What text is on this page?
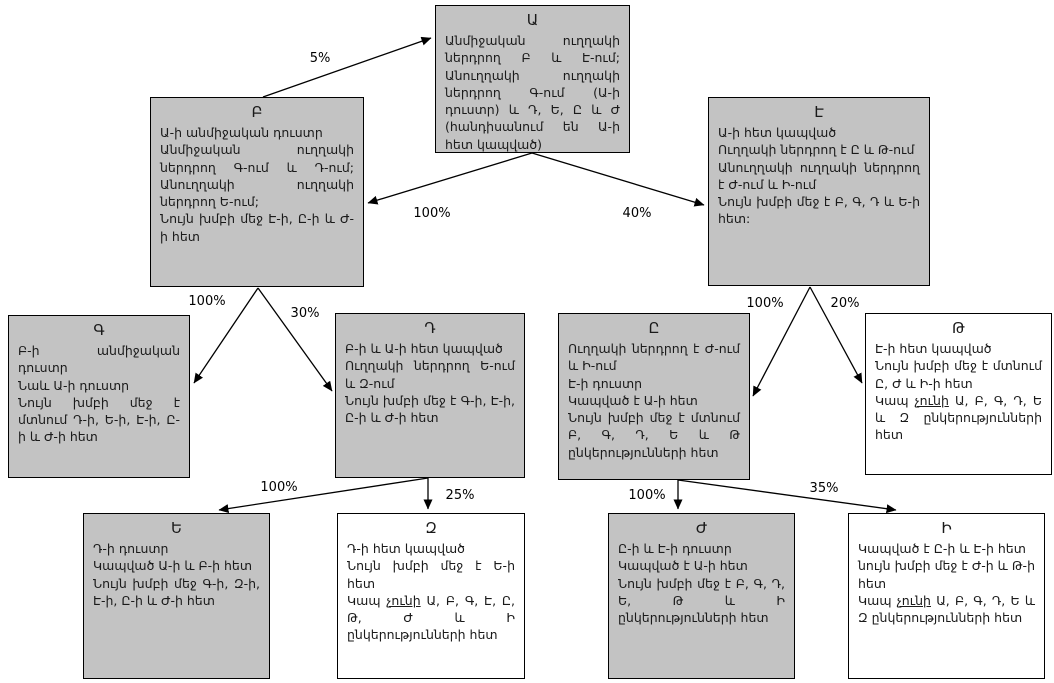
5%
100%	40%
100%
30%
100%	20%
100%
25%	100%	35%
Ա
Անմիջական ուղղակի ներդրող Բ և Է-ում; Անուղղակի ուղղակի ներդրող Գ-ում (Ա-ի դուստր) և Դ, Ե, Ը և Ժ (հանդիսանում են Ա-ի հետ կապված)
Բ
Ա-ի անմիջական դուստր
Անմիջական ուղղակի ներդրող Գ-ում և Դ-ում; Անուղղակի ուղղակի ներդրող Ե-ում;
Նույն խմբի մեջ Է-ի, Ը-ի և Ժ-ի հետ
Է
Ա-ի հետ կապված
Ուղղակի ներդրող է Ը և Թ-ում
Անուղղակի ուղղակի ներդրող է Ժ-ում և Ի-ում
Նույն խմբի մեջ է Բ, Գ, Դ և Ե-ի հետ:
Գ
Բ-ի անմիջական դուստր
Նաև Ա-ի դուստր
Նույն խմբի մեջ է մտնում Դ-ի, Ե-ի, Է-ի, Ը-ի և Ժ-ի հետ
Դ
Բ-ի և Ա-ի հետ կապված
Ուղղակի ներդրող Ե-ում և Զ-ում
Նույն խմբի մեջ է Գ-ի, Է-ի, Ը-ի և Ժ-ի հետ
Ը
Ուղղակի ներդրող է Ժ-ում և Ի-ում
Է-ի դուստր
Կապված է Ա-ի հետ
Նույն խմբի մեջ է մտնում Բ, Գ, Դ, Ե և Թ ընկերությունների հետ
Թ
Է-ի հետ կապված
Նույն խմբի մեջ է մտնում Ը, Ժ և Ի-ի հետ
Կապ չունի Ա, Բ, Գ, Դ, Ե և Զ ընկերությունների հետ
Ե
Դ-ի դուստր
Կապված Ա-ի և Բ-ի հետ
Նույն խմբի մեջ Գ-ի, Զ-ի, Է-ի, Ը-ի և Ժ-ի հետ
Զ
Դ-ի հետ կապված
Նույն խմբի մեջ է Ե-ի հետ
Կապ չունի Ա, Բ, Գ, Է, Ը, Թ, Ժ և Ի ընկերությունների հետ
Ժ
Ը-ի և Է-ի դուստր
Կապված է Ա-ի հետ
Նույն խմբի մեջ է Բ, Գ, Դ, Ե, Թ և Ի ընկերությունների հետ
Ի
Կապված է Ը-ի և Է-ի հետ
նույն խմբի մեջ է Ժ-ի և Թ-ի հետ
Կապ չունի Ա, Բ, Գ, Դ, Ե և Զ ընկերությունների հետ
